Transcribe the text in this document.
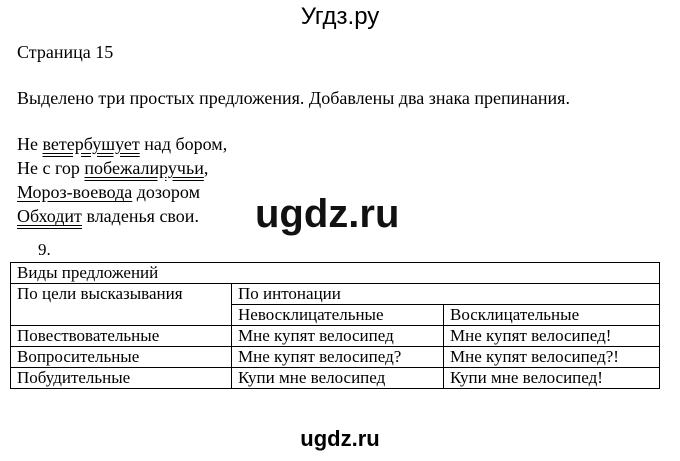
Угдз.ру
Страница 15
Выделено три простых предложения. Добавлены два знака препинания.
Не ветербушует над бором,
Не с гор побежалиручьи,
Мороз-воевода дозором
Обходит владенья свои.	ugdz.ru
9.
Виды предложений		
По цели высказывания	По интонации	
	Невосклицательные	Восклицательные
Повествовательные	Мне купят велосипед	Мне купят велосипед!
Вопросительные	Мне купят велосипед?	Мне купят велосипед?!
Побудительные	Купи мне велосипед	Купи мне велосипед!
ugdz.ru
